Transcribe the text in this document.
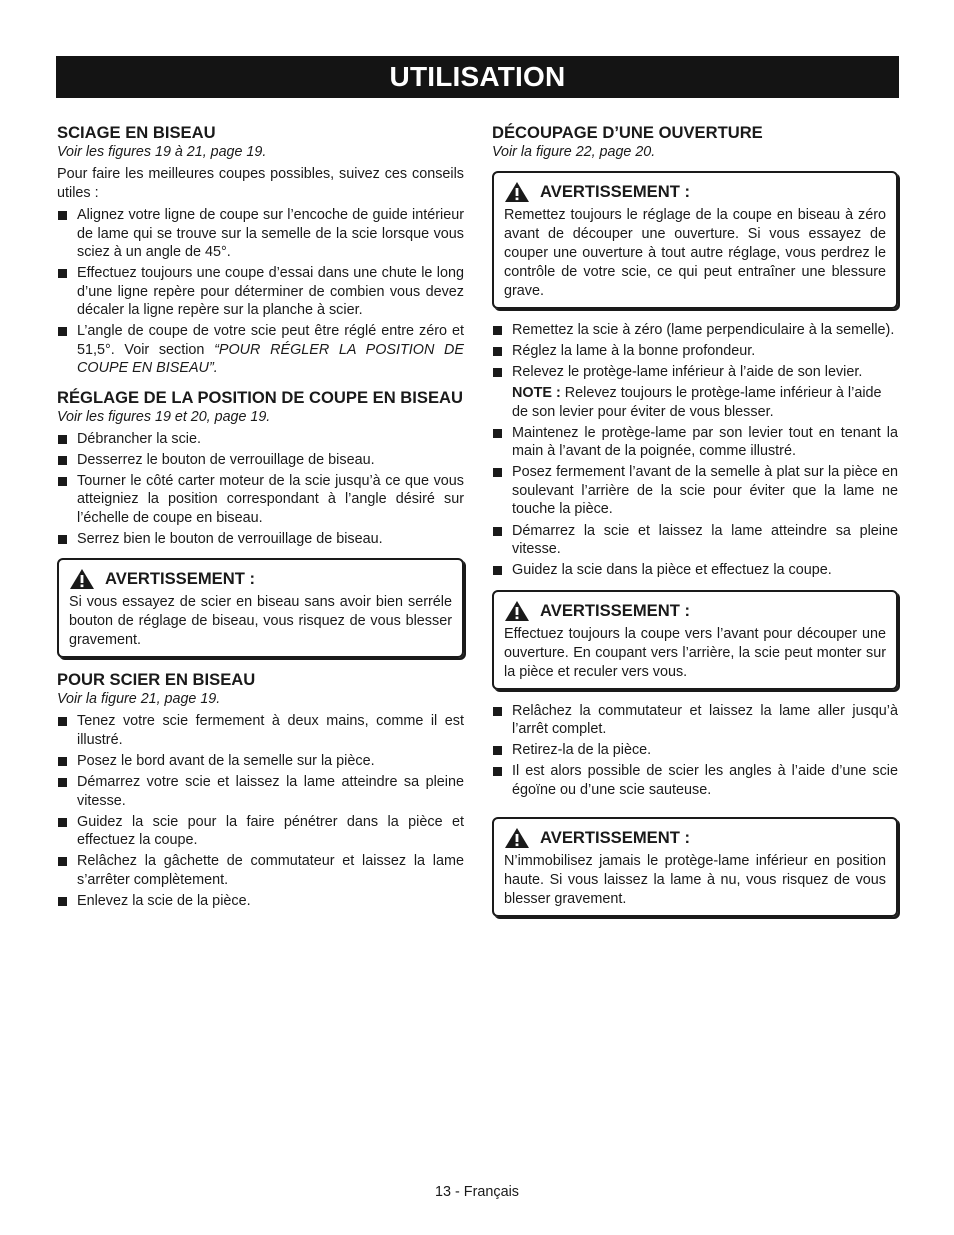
UTILISATION
SCIAGE EN BISEAU
Voir les figures 19 à 21, page 19.

Pour faire les meilleures coupes possibles, suivez ces conseils utiles :

Alignez votre ligne de coupe sur l’encoche de guide intérieur de lame qui se trouve sur la semelle de la scie lorsque vous sciez à un angle de 45°.
Effectuez toujours une coupe d’essai dans une chute le long d’une ligne repère pour déterminer de combien vous devez décaler la ligne repère sur la planche à scier.
L’angle de coupe de votre scie peut être réglé entre zéro et 51,5°. Voir section “POUR RÉGLER LA POSITION DE COUPE EN BISEAU”.
RÉGLAGE DE LA POSITION DE COUPE EN BISEAU
Voir les figures 19 et 20, page 19.
Débrancher la scie.
Desserrez le bouton de verrouillage de biseau.
Tourner le côté carter moteur de la scie jusqu’à ce que vous atteigniez la position correspondant à l’angle désiré sur l’échelle de coupe en biseau.
Serrez bien le bouton de verrouillage de biseau.
AVERTISSEMENT :
Si vous essayez de scier en biseau sans avoir bien serréle bouton de réglage de biseau, vous risquez de vous blesser gravement.
POUR SCIER EN BISEAU
Voir la figure 21, page 19.
Tenez votre scie fermement à deux mains, comme il est illustré.
Posez le bord avant de la semelle sur la pièce.
Démarrez votre scie et laissez la lame atteindre sa pleine vitesse.
Guidez la scie pour la faire pénétrer dans la pièce et effectuez la coupe.
Relâchez la gâchette de commutateur et laissez la lame s’arrêter complètement.
Enlevez la scie de la pièce.
DÉCOUPAGE D’UNE OUVERTURE
Voir la figure 22, page 20.
AVERTISSEMENT :
Remettez toujours le réglage de la coupe en biseau à zéro avant de découper une ouverture. Si vous essayez de couper une ouverture à tout autre réglage, vous perdrez le contrôle de votre scie, ce qui peut entraîner une blessure grave.
Remettez la scie à zéro (lame perpendiculaire à la semelle).
Réglez la lame à la bonne profondeur.
Relevez le protège-lame inférieur à l’aide de son levier.
NOTE : Relevez toujours le protège-lame inférieur à l’aide de son levier pour éviter de vous blesser.
Maintenez le protège-lame par son levier tout en tenant la main à l’avant de la poignée, comme illustré.
Posez fermement l’avant de la semelle à plat sur la pièce en soulevant l’arrière de la scie pour éviter que la lame ne touche la pièce.
Démarrez la scie et laissez la lame atteindre sa pleine vitesse.
Guidez la scie dans la pièce et effectuez la coupe.
AVERTISSEMENT :
Effectuez toujours la coupe vers l’avant pour découper une ouverture. En coupant vers l’arrière, la scie peut monter sur la pièce et reculer vers vous.
Relâchez la commutateur et laissez la lame aller jusqu’à l’arrêt complet.
Retirez-la de la pièce.
Il est alors possible de scier les angles à l’aide d’une scie égoïne ou d’une scie sauteuse.
AVERTISSEMENT :
N’immobilisez jamais le protège-lame inférieur en position haute. Si vous laissez la lame à nu, vous risquez de vous blesser gravement.
13 - Français
